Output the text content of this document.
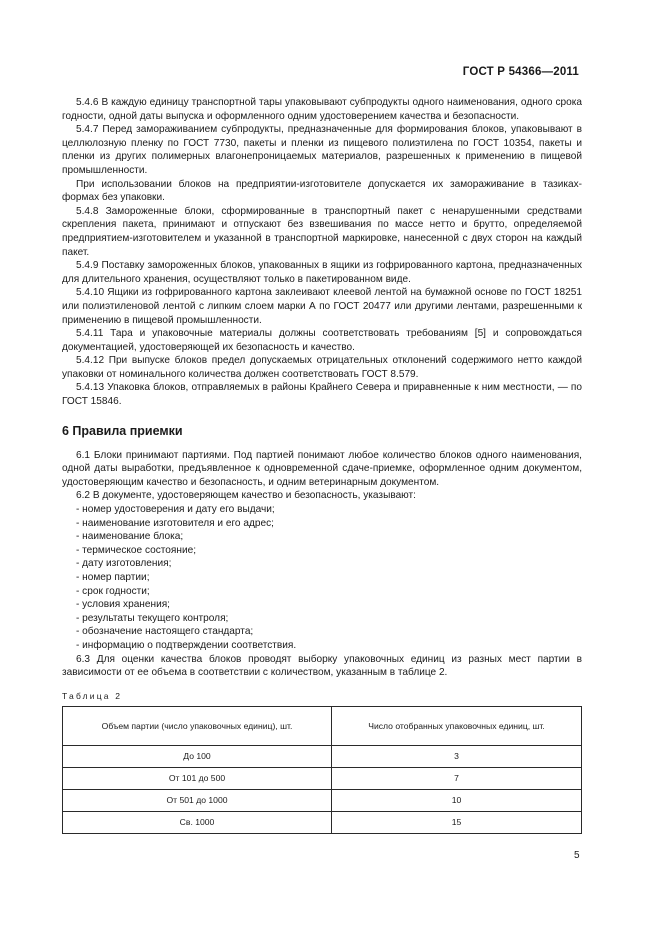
ГОСТ Р 54366—2011

5.4.6 В каждую единицу транспортной тары упаковывают субпродукты одного наименования, одного срока годности, одной даты выпуска и оформленного одним удостоверением качества и безопасности.

5.4.7 Перед замораживанием субпродукты, предназначенные для формирования блоков, упаковывают в целлюлозную пленку по ГОСТ 7730, пакеты и пленки из пищевого полиэтилена по ГОСТ 10354, пакеты и пленки из других полимерных влагонепроницаемых материалов, разрешенных к применению в пищевой промышленности.

При использовании блоков на предприятии-изготовителе допускается их замораживание в тазиках-формах без упаковки.

5.4.8 Замороженные блоки, сформированные в транспортный пакет с ненарушенными средствами скрепления пакета, принимают и отпускают без взвешивания по массе нетто и брутто, определяемой предприятием-изготовителем и указанной в транспортной маркировке, нанесенной с двух сторон на каждый пакет.

5.4.9 Поставку замороженных блоков, упакованных в ящики из гофрированного картона, предназначенных для длительного хранения, осуществляют только в пакетированном виде.

5.4.10 Ящики из гофрированного картона заклеивают клеевой лентой на бумажной основе по ГОСТ 18251 или полиэтиленовой лентой с липким слоем марки А по ГОСТ 20477 или другими лентами, разрешенными к применению в пищевой промышленности.

5.4.11 Тара и упаковочные материалы должны соответствовать требованиям [5] и сопровождаться документацией, удостоверяющей их безопасность и качество.

5.4.12 При выпуске блоков предел допускаемых отрицательных отклонений содержимого нетто каждой упаковки от номинального количества должен соответствовать ГОСТ 8.579.

5.4.13 Упаковка блоков, отправляемых в районы Крайнего Севера и приравненные к ним местности, — по ГОСТ 15846.

6 Правила приемки

6.1 Блоки принимают партиями. Под партией понимают любое количество блоков одного наименования, одной даты выработки, предъявленное к одновременной сдаче-приемке, оформленное одним документом, удостоверяющим качество и безопасность, и одним ветеринарным документом.

6.2 В документе, удостоверяющем качество и безопасность, указывают:

- номер удостоверения и дату его выдачи;

- наименование изготовителя и его адрес;

- наименование блока;

- термическое состояние;

- дату изготовления;

- номер партии;

- срок годности;

- условия хранения;

- результаты текущего контроля;

- обозначение настоящего стандарта;

- информацию о подтверждении соответствия.

6.3 Для оценки качества блоков проводят выборку упаковочных единиц из разных мест партии в зависимости от ее объема в соответствии с количеством, указанным в таблице 2.

Таблица 2
Объем партии (число упаковочных единиц), шт.	Число отобранных упаковочных единиц, шт.
До 100	3
От 101 до 500	7
От 501 до 1000	10
Св. 1000	15
5
